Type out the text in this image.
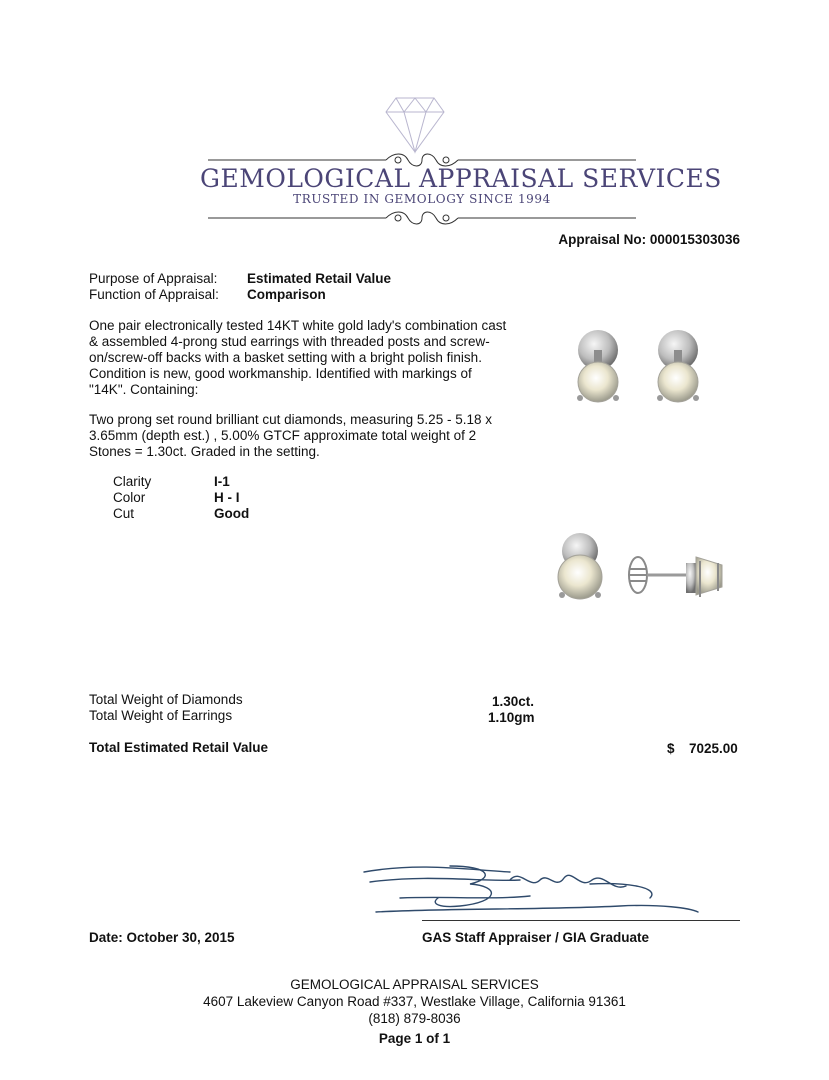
GEMOLOGICAL APPRAISAL SERVICES
TRUSTED IN GEMOLOGY SINCE 1994
Appraisal No: 000015303036
Purpose of Appraisal: Estimated Retail Value
Function of Appraisal: Comparison
One pair electronically tested 14KT white gold lady's combination cast & assembled 4-prong stud earrings with threaded posts and screw-on/screw-off backs with a basket setting with a bright polish finish. Condition is new, good workmanship. Identified with markings of "14K". Containing:
Two prong set round brilliant cut diamonds, measuring 5.25 - 5.18 x 3.65mm (depth est.) , 5.00% GTCF approximate total weight of 2 Stones = 1.30ct. Graded in the setting.
Clarity	I-1
Color	H - I
Cut	Good
Total Weight of Diamonds	1.30ct.
Total Weight of Earrings	1.10gm
Total Estimated Retail Value	$ 7025.00
Date: October 30, 2015	GAS Staff Appraiser / GIA Graduate
GEMOLOGICAL APPRAISAL SERVICES
4607 Lakeview Canyon Road #337, Westlake Village, California 91361
(818) 879-8036
Page 1 of 1
